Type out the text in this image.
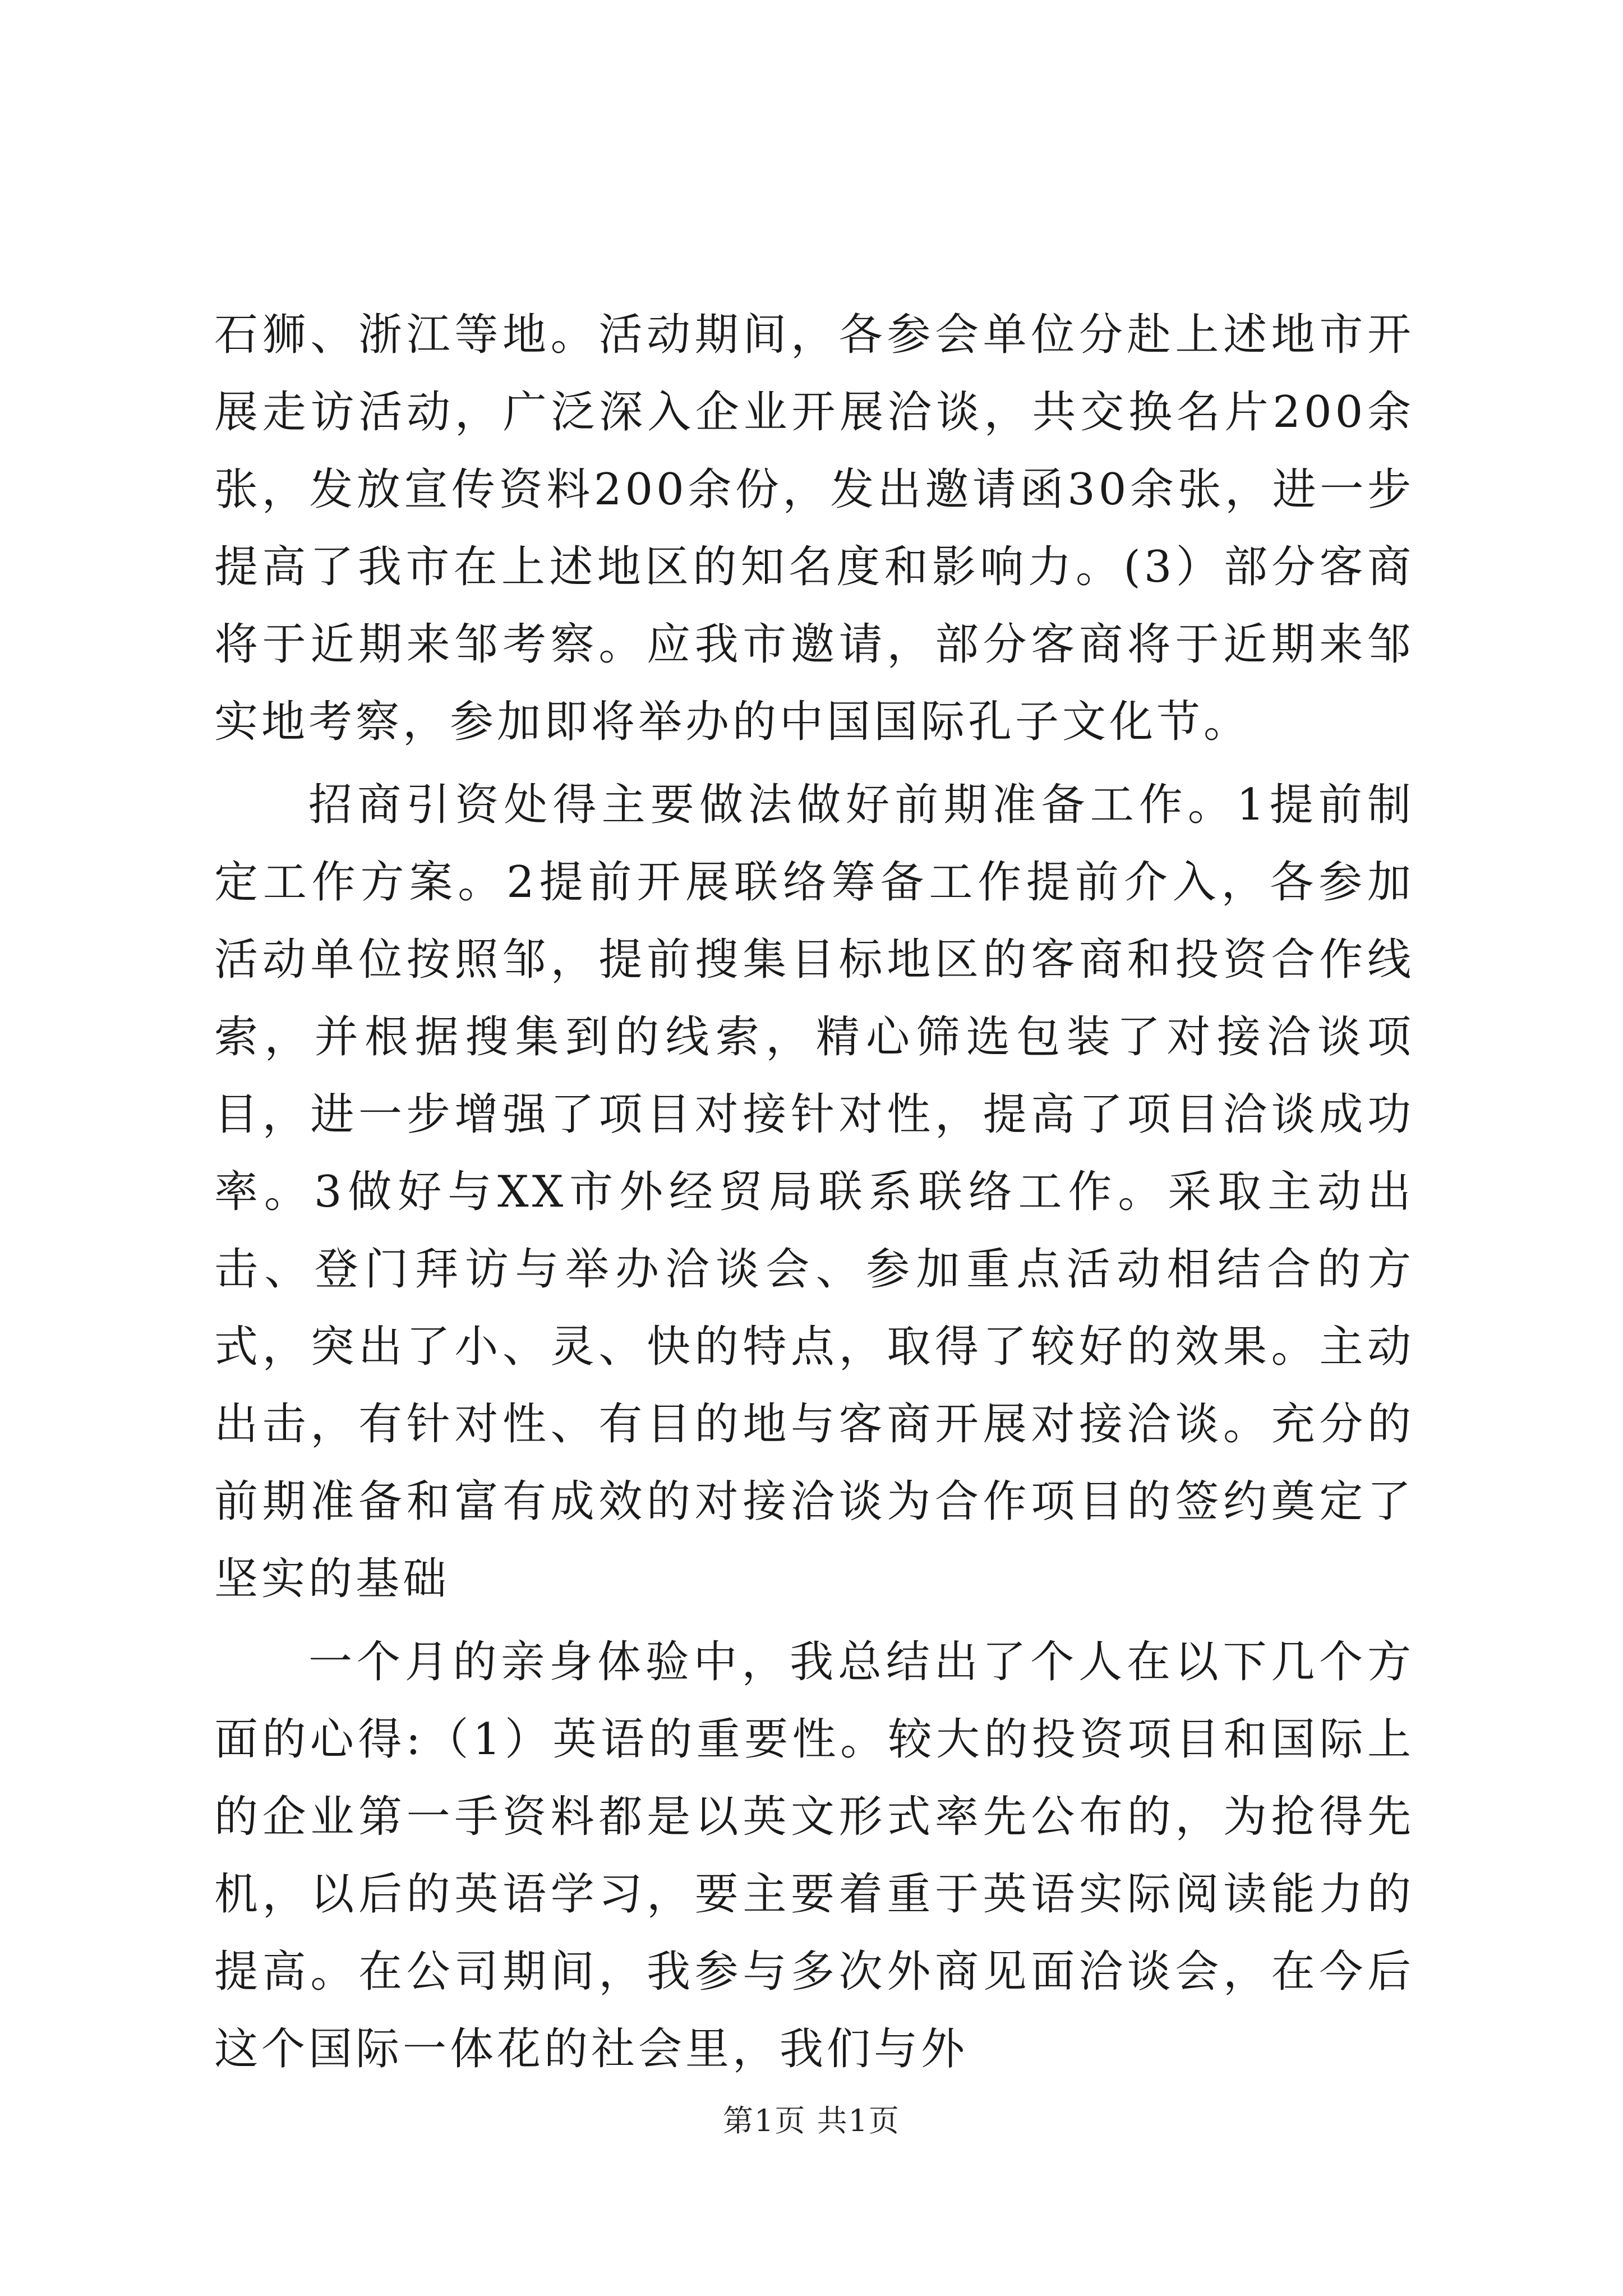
石狮、浙江等地。活动期间，各参会单位分赴上述地市开展走访活动，广泛深入企业开展洽谈，共交换名片200余张，发放宣传资料200余份，发出邀请函30余张，进一步提高了我市在上述地区的知名度和影响力。(3）部分客商将于近期来邹考察。应我市邀请，部分客商将于近期来邹实地考察，参加即将举办的中国国际孔子文化节。

招商引资处得主要做法做好前期准备工作。1提前制定工作方案。2提前开展联络筹备工作提前介入，各参加活动单位按照邹，提前搜集目标地区的客商和投资合作线索，并根据搜集到的线索，精心筛选包装了对接洽谈项目，进一步增强了项目对接针对性，提高了项目洽谈成功率。3做好与XX市外经贸局联系联络工作。采取主动出击、登门拜访与举办洽谈会、参加重点活动相结合的方式，突出了小、灵、快的特点，取得了较好的效果。主动出击，有针对性、有目的地与客商开展对接洽谈。充分的前期准备和富有成效的对接洽谈为合作项目的签约奠定了坚实的基础

一个月的亲身体验中，我总结出了个人在以下几个方面的心得:（1）英语的重要性。较大的投资项目和国际上的企业第一手资料都是以英文形式率先公布的，为抢得先机，以后的英语学习，要主要着重于英语实际阅读能力的提高。在公司期间，我参与多次外商见面洽谈会，在今后这个国际一体花的社会里，我们与外

第1页 共1页
